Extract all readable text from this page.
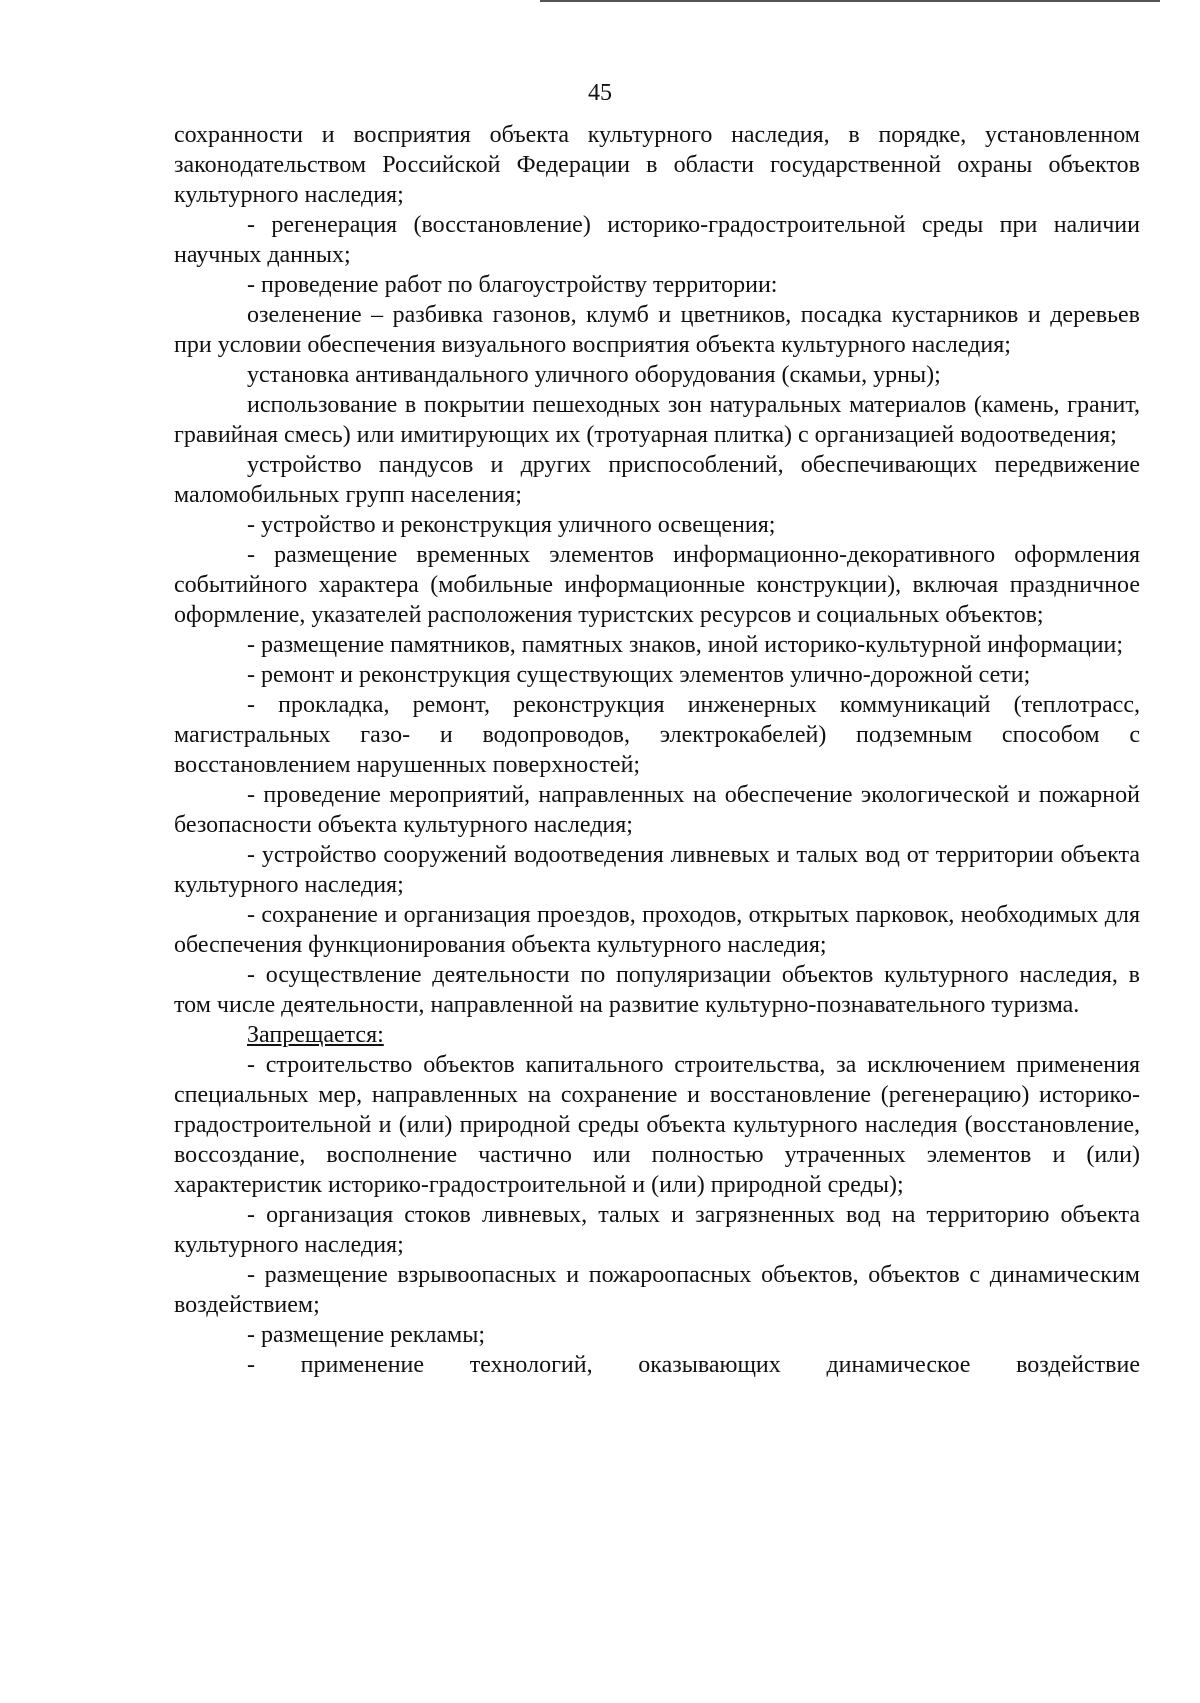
45

сохранности и восприятия объекта культурного наследия, в порядке, установленном законодательством Российской Федерации в области государственной охраны объектов культурного наследия;

- регенерация (восстановление) историко-градостроительной среды при наличии научных данных;

- проведение работ по благоустройству территории:

озеленение – разбивка газонов, клумб и цветников, посадка кустарников и деревьев при условии обеспечения визуального восприятия объекта культурного наследия;

установка антивандального уличного оборудования (скамьи, урны);

использование в покрытии пешеходных зон натуральных материалов (камень, гранит, гравийная смесь) или имитирующих их (тротуарная плитка) с организацией водоотведения;

устройство пандусов и других приспособлений, обеспечивающих передвижение маломобильных групп населения;

- устройство и реконструкция уличного освещения;

- размещение временных элементов информационно-декоративного оформления событийного характера (мобильные информационные конструкции), включая праздничное оформление, указателей расположения туристских ресурсов и социальных объектов;

- размещение памятников, памятных знаков, иной историко-культурной информации;

- ремонт и реконструкция существующих элементов улично-дорожной сети;

- прокладка, ремонт, реконструкция инженерных коммуникаций (теплотрасс, магистральных газо- и водопроводов, электрокабелей) подземным способом с восстановлением нарушенных поверхностей;

- проведение мероприятий, направленных на обеспечение экологической и пожарной безопасности объекта культурного наследия;

- устройство сооружений водоотведения ливневых и талых вод от территории объекта культурного наследия;

- сохранение и организация проездов, проходов, открытых парковок, необходимых для обеспечения функционирования объекта культурного наследия;

- осуществление деятельности по популяризации объектов культурного наследия, в том числе деятельности, направленной на развитие культурно-познавательного туризма.

Запрещается:

- строительство объектов капитального строительства, за исключением применения специальных мер, направленных на сохранение и восстановление (регенерацию) историко-градостроительной и (или) природной среды объекта культурного наследия (восстановление, воссоздание, восполнение частично или полностью утраченных элементов и (или) характеристик историко-градостроительной и (или) природной среды);

- организация стоков ливневых, талых и загрязненных вод на территорию объекта культурного наследия;

- размещение взрывоопасных и пожароопасных объектов, объектов с динамическим воздействием;

- размещение рекламы;

- применение технологий, оказывающих динамическое воздействие
